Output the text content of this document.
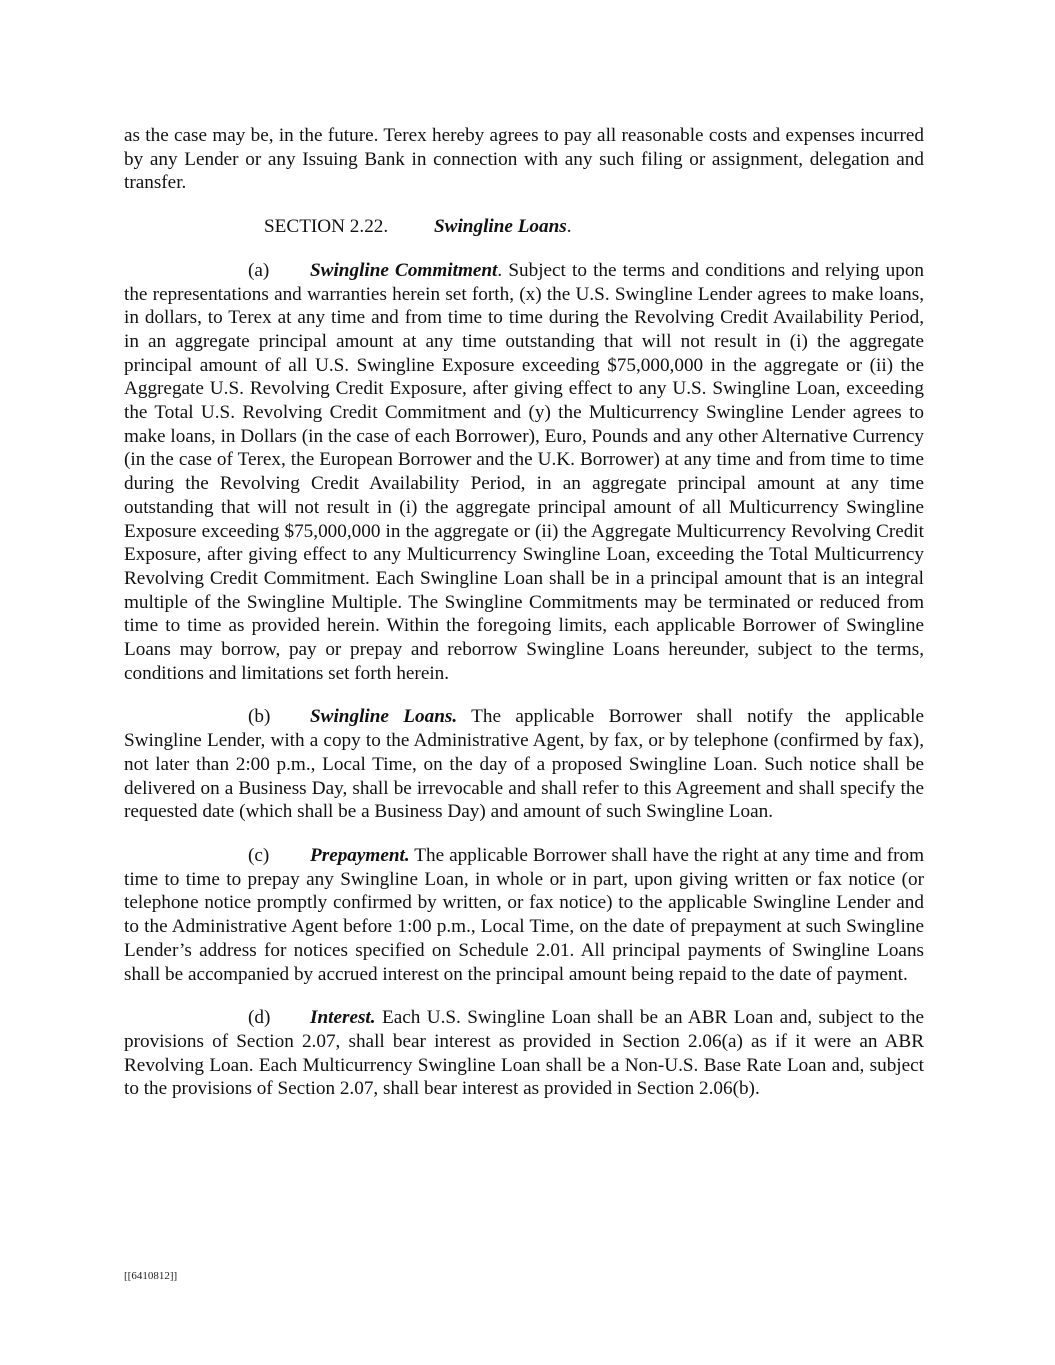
as the case may be, in the future. Terex hereby agrees to pay all reasonable costs and expenses incurred by any Lender or any Issuing Bank in connection with any such filing or assignment, delegation and transfer.

SECTION 2.22. Swingline Loans.

(a) Swingline Commitment. Subject to the terms and conditions and relying upon the representations and warranties herein set forth, (x) the U.S. Swingline Lender agrees to make loans, in dollars, to Terex at any time and from time to time during the Revolving Credit Availability Period, in an aggregate principal amount at any time outstanding that will not result in (i) the aggregate principal amount of all U.S. Swingline Exposure exceeding $75,000,000 in the aggregate or (ii) the Aggregate U.S. Revolving Credit Exposure, after giving effect to any U.S. Swingline Loan, exceeding the Total U.S. Revolving Credit Commitment and (y) the Multicurrency Swingline Lender agrees to make loans, in Dollars (in the case of each Borrower), Euro, Pounds and any other Alternative Currency (in the case of Terex, the European Borrower and the U.K. Borrower) at any time and from time to time during the Revolving Credit Availability Period, in an aggregate principal amount at any time outstanding that will not result in (i) the aggregate principal amount of all Multicurrency Swingline Exposure exceeding $75,000,000 in the aggregate or (ii) the Aggregate Multicurrency Revolving Credit Exposure, after giving effect to any Multicurrency Swingline Loan, exceeding the Total Multicurrency Revolving Credit Commitment. Each Swingline Loan shall be in a principal amount that is an integral multiple of the Swingline Multiple. The Swingline Commitments may be terminated or reduced from time to time as provided herein. Within the foregoing limits, each applicable Borrower of Swingline Loans may borrow, pay or prepay and reborrow Swingline Loans hereunder, subject to the terms, conditions and limitations set forth herein.

(b) Swingline Loans. The applicable Borrower shall notify the applicable Swingline Lender, with a copy to the Administrative Agent, by fax, or by telephone (confirmed by fax), not later than 2:00 p.m., Local Time, on the day of a proposed Swingline Loan. Such notice shall be delivered on a Business Day, shall be irrevocable and shall refer to this Agreement and shall specify the requested date (which shall be a Business Day) and amount of such Swingline Loan.

(c) Prepayment. The applicable Borrower shall have the right at any time and from time to time to prepay any Swingline Loan, in whole or in part, upon giving written or fax notice (or telephone notice promptly confirmed by written, or fax notice) to the applicable Swingline Lender and to the Administrative Agent before 1:00 p.m., Local Time, on the date of prepayment at such Swingline Lender’s address for notices specified on Schedule 2.01. All principal payments of Swingline Loans shall be accompanied by accrued interest on the principal amount being repaid to the date of payment.

(d) Interest. Each U.S. Swingline Loan shall be an ABR Loan and, subject to the provisions of Section 2.07, shall bear interest as provided in Section 2.06(a) as if it were an ABR Revolving Loan. Each Multicurrency Swingline Loan shall be a Non-U.S. Base Rate Loan and, subject to the provisions of Section 2.07, shall bear interest as provided in Section 2.06(b).

[[6410812]]
